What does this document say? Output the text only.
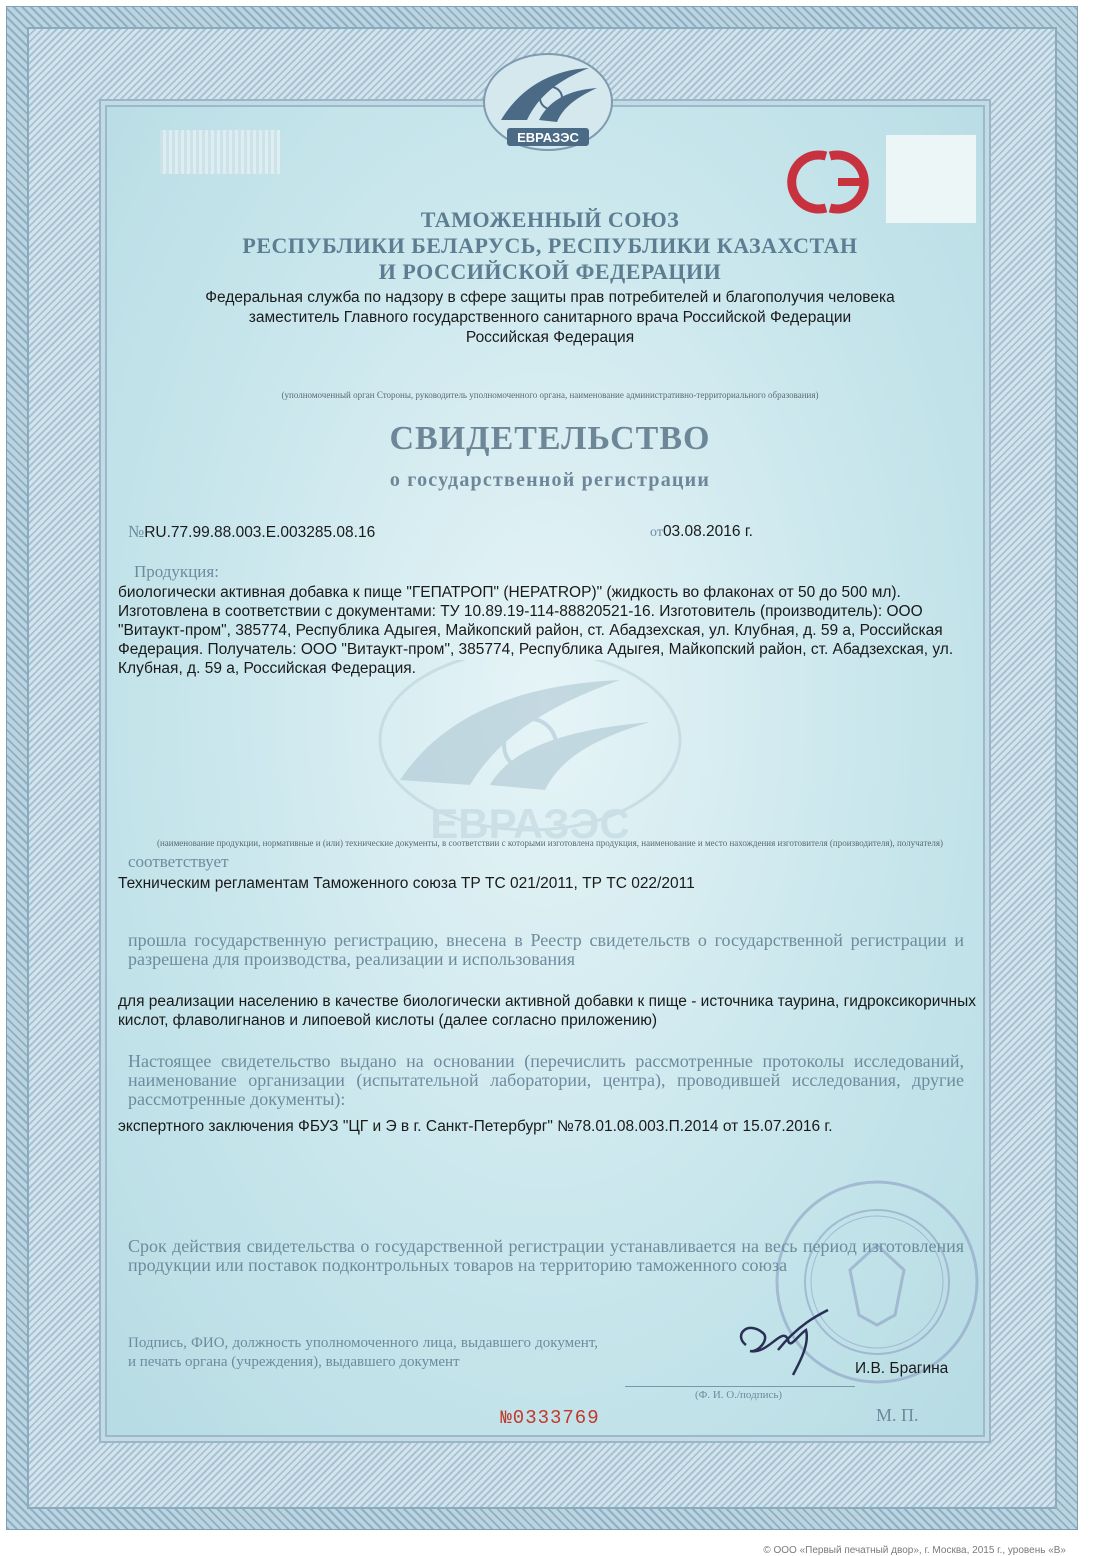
ЕВРАЗЭС

ТАМОЖЕННЫЙ СОЮЗ

РЕСПУБЛИКИ БЕЛАРУСЬ, РЕСПУБЛИКИ КАЗАХСТАН

И РОССИЙСКОЙ ФЕДЕРАЦИИ

Федеральная служба по надзору в сфере защиты прав потребителей и благополучия человека

заместитель Главного государственного санитарного врача Российской Федерации

Российская Федерация

(уполномоченный орган Стороны, руководитель уполномоченного органа, наименование административно-территориального образования)

СВИДЕТЕЛЬСТВО

о государственной регистрации

№RU.77.99.88.003.Е.003285.08.16	от03.08.2016 г.
ЕВРАЗЭС

Продукция:

биологически активная добавка к пище "ГЕПАТРОП" (HEPATROP)" (жидкость во флаконах от 50 до 500 мл). Изготовлена в соответствии с документами: ТУ 10.89.19-114-88820521-16. Изготовитель (производитель): ООО "Витаукт-пром", 385774, Республика Адыгея, Майкопский район, ст. Абадзехская, ул. Клубная, д. 59 а, Российская Федерация. Получатель: ООО "Витаукт-пром", 385774, Республика Адыгея, Майкопский район, ст. Абадзехская, ул. Клубная, д. 59 а, Российская Федерация.

(наименование продукции, нормативные и (или) технические документы, в соответствии с которыми изготовлена продукция, наименование и место нахождения изготовителя (производителя), получателя)

соответствует

Техническим регламентам Таможенного союза ТР ТС 021/2011, ТР ТС 022/2011

прошла государственную регистрацию, внесена в Реестр свидетельств о государственной регистрации и разрешена для производства, реализации и использования

для реализации населению в качестве биологически активной добавки к пище - источника таурина, гидроксикоричных кислот, флаволигнанов и липоевой кислоты (далее согласно приложению)

Настоящее свидетельство выдано на основании (перечислить рассмотренные протоколы исследований, наименование организации (испытательной лаборатории, центра), проводившей исследования, другие рассмотренные документы):

экспертного заключения ФБУЗ "ЦГ и Э в г. Санкт-Петербург" №78.01.08.003.П.2014 от 15.07.2016 г.

Срок действия свидетельства о государственной регистрации устанавливается на весь период изготовления продукции или поставок подконтрольных товаров на территорию таможенного союза

Подпись, ФИО, должность уполномоченного лица, выдавшего документ, и печать органа (учреждения), выдавшего документ	И.В. Брагина

(Ф. И. О./подпись)

М. П.

№0333769

© ООО «Первый печатный двор», г. Москва, 2015 г., уровень «В»
